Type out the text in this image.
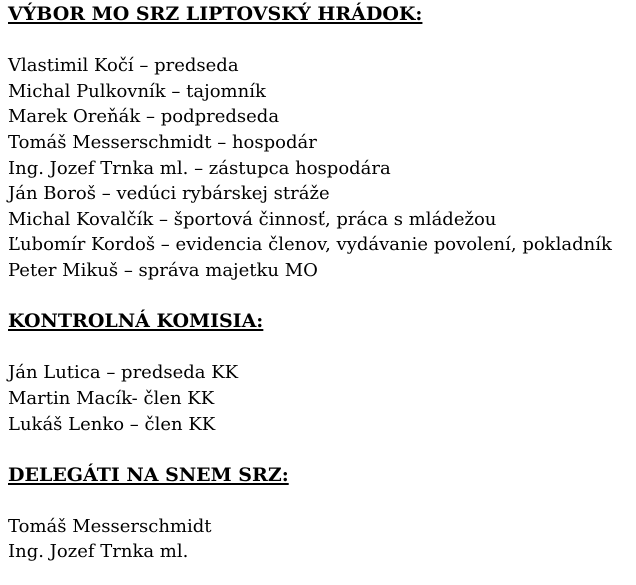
VÝBOR MO SRZ LIPTOVSKÝ HRÁDOK:

Vlastimil Kočí – predseda

Michal Pulkovník – tajomník

Marek Oreňák – podpredseda

Tomáš Messerschmidt – hospodár

Ing. Jozef Trnka ml. – zástupca hospodára

Ján Boroš – vedúci rybárskej stráže

Michal Kovalčík – športová činnosť, práca s mládežou

Ľubomír Kordoš – evidencia členov, vydávanie povolení, pokladník

Peter Mikuš – správa majetku MO

KONTROLNÁ KOMISIA:

Ján Lutica – predseda KK

Martin Macík- člen KK

Lukáš Lenko – člen KK

DELEGÁTI NA SNEM SRZ:

Tomáš Messerschmidt

Ing. Jozef Trnka ml.
